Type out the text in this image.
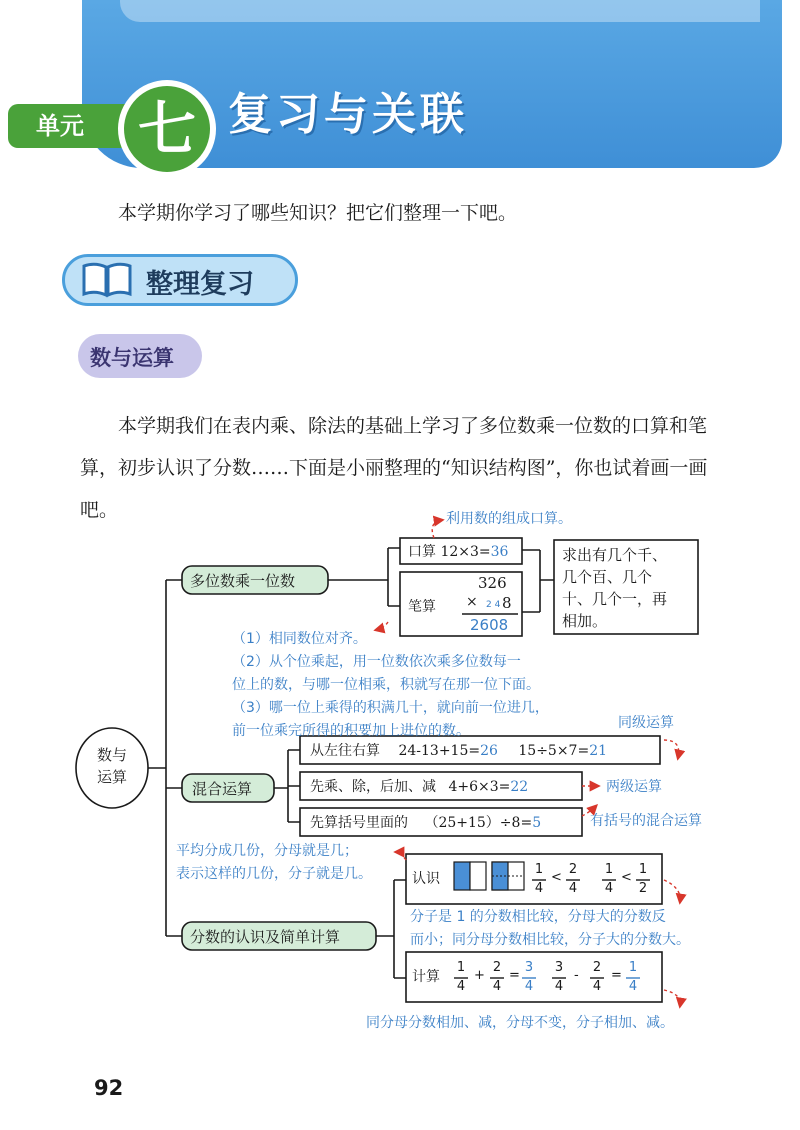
单元 七 复习与关联
本学期你学习了哪些知识？把它们整理一下吧。
整理复习
数与运算
本学期我们在表内乘、除法的基础上学习了多位数乘一位数的口算和笔算，初步认识了分数……下面是小丽整理的“知识结构图”，你也试着画一画吧。
数与
运算
多位数乘一位数
混合运算
分数的认识及简单计算
利用数的组成口算。
口算 12×3=36
笔算
326
× 2 4 8
2608
求出有几个千、
几个百、几个
十、几个一，再
相加。
（1）相同数位对齐。
（2）从个位乘起，用一位数依次乘多位数每一
位上的数，与哪一位相乘，积就写在那一位下面。
（3）哪一位上乘得的积满几十，就向前一位进几，
前一位乘完所得的积要加上进位的数。	同级运算
从左往右算 24-13+15=26 15÷5×7=21
先乘、除，后加、减 4+6×3=22	两级运算
先算括号里面的 （25+15）÷8=5	有括号的混合运算
平均分成几份，分母就是几；
表示这样的几份，分子就是几。	认识
1
4
<
2
4
1
4
<
1
2
分子是 1 的分数相比较，分母大的分数反
而小；同分母分数相比较，分子大的分数大。
计算
1
4
+
2
4
=
3
4
3
4
-
2
4
=
1
4
同分母分数相加、减，分母不变，分子相加、减。
92
